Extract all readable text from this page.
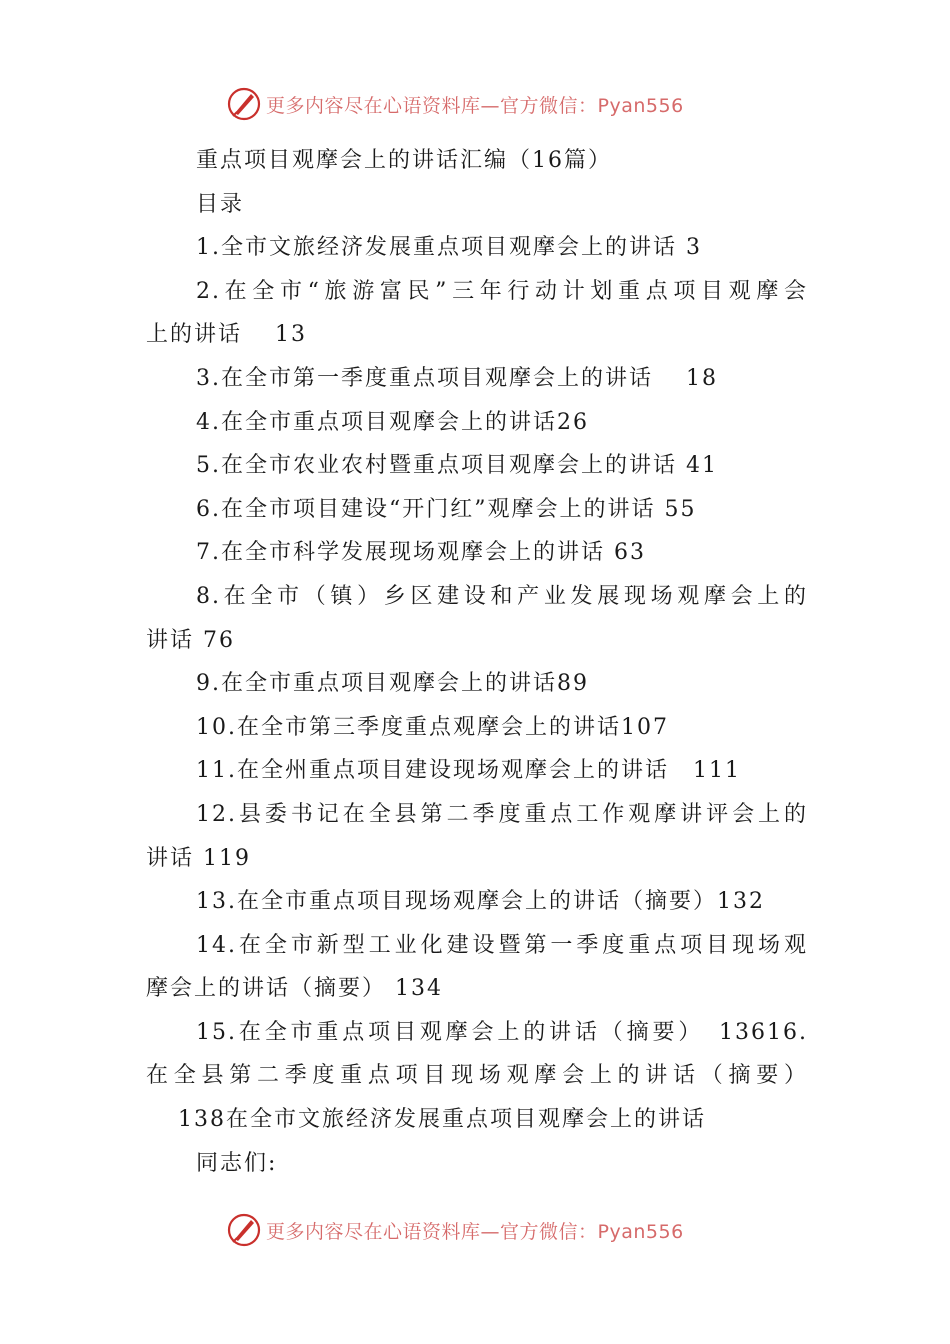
更多内容尽在心语资料库—官方微信：Pyan556
重点项目观摩会上的讲话汇编（16篇）
目录
1.全市文旅经济发展重点项目观摩会上的讲话 3
2.在全市“旅游富民”三年行动计划重点项目观摩会
上的讲话　 13
3.在全市第一季度重点项目观摩会上的讲话　 18
4.在全市重点项目观摩会上的讲话26
5.在全市农业农村暨重点项目观摩会上的讲话 41
6.在全市项目建设“开门红”观摩会上的讲话 55
7.在全市科学发展现场观摩会上的讲话 63
8.在全市（镇）乡区建设和产业发展现场观摩会上的
讲话 76
9.在全市重点项目观摩会上的讲话89
10.在全市第三季度重点观摩会上的讲话107
11.在全州重点项目建设现场观摩会上的讲话　111
12.县委书记在全县第二季度重点工作观摩讲评会上的
讲话 119
13.在全市重点项目现场观摩会上的讲话（摘要）132
14.在全市新型工业化建设暨第一季度重点项目现场观
摩会上的讲话（摘要） 134
15.在全市重点项目观摩会上的讲话（摘要）　13616.
在全县第二季度重点项目现场观摩会上的讲话（摘要）
138在全市文旅经济发展重点项目观摩会上的讲话
同志们:
更多内容尽在心语资料库—官方微信：Pyan556
